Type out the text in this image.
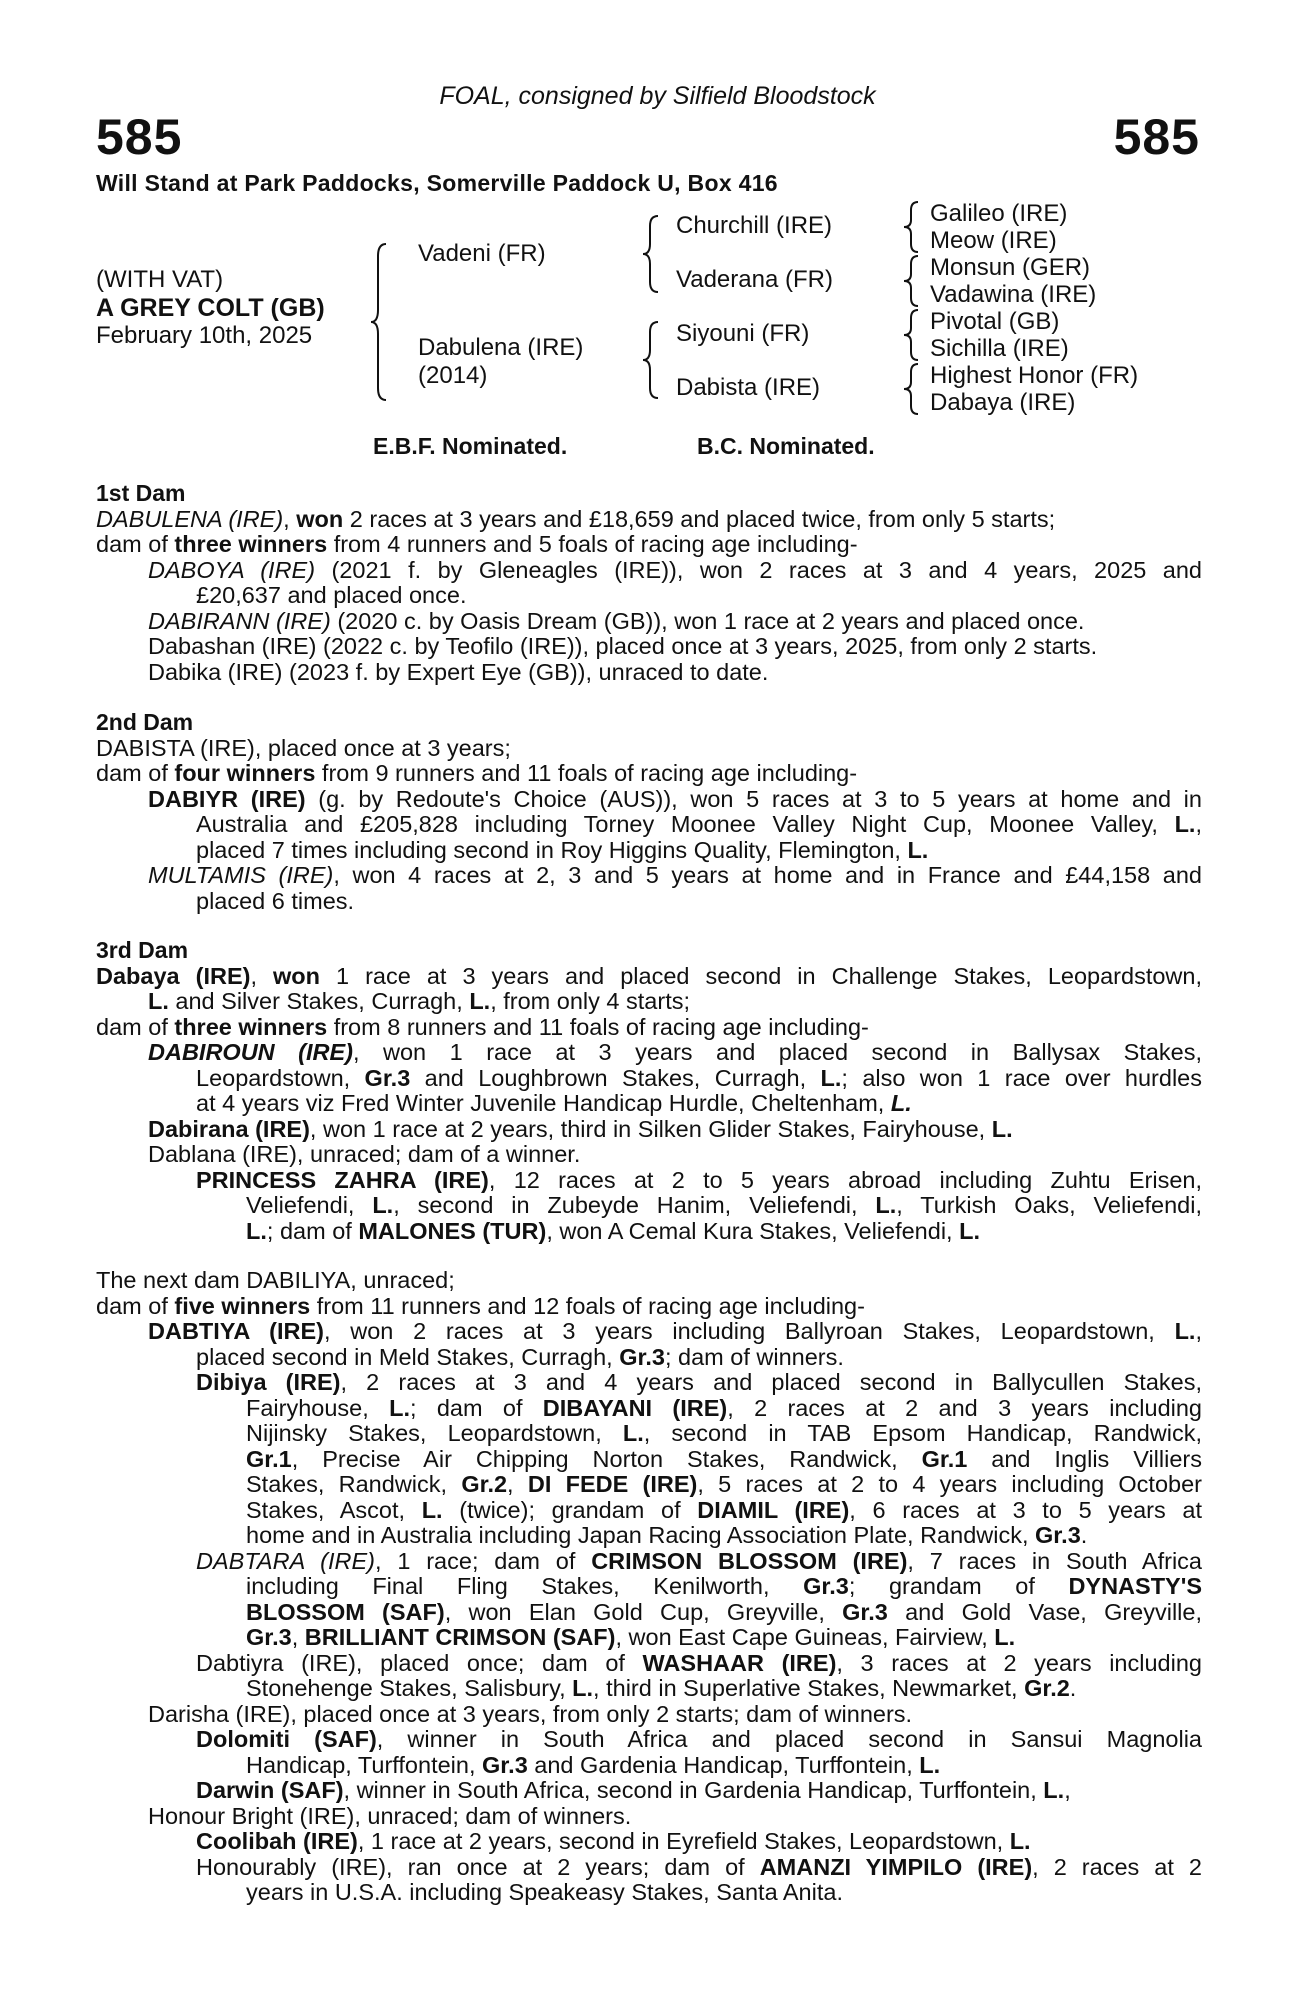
FOAL, consigned by Silfield Bloodstock
585	585
Will Stand at Park Paddocks, Somerville Paddock U, Box 416
(WITH VAT)
A GREY COLT (GB)
February 10th, 2025
Vadeni (FR)
Dabulena (IRE)
(2014)
Churchill (IRE)
Vaderana (FR)
Siyouni (FR)
Dabista (IRE)
Galileo (IRE)
Meow (IRE)
Monsun (GER)
Vadawina (IRE)
Pivotal (GB)
Sichilla (IRE)
Highest Honor (FR)
Dabaya (IRE)
E.B.F. Nominated.	B.C. Nominated.
1st Dam
DABULENA (IRE), won 2 races at 3 years and £18,659 and placed twice, from only 5 starts;
dam of three winners from 4 runners and 5 foals of racing age including-
DABOYA (IRE) (2021 f. by Gleneagles (IRE)), won 2 races at 3 and 4 years, 2025 and
£20,637 and placed once.
DABIRANN (IRE) (2020 c. by Oasis Dream (GB)), won 1 race at 2 years and placed once.
Dabashan (IRE) (2022 c. by Teofilo (IRE)), placed once at 3 years, 2025, from only 2 starts.
Dabika (IRE) (2023 f. by Expert Eye (GB)), unraced to date.
2nd Dam
DABISTA (IRE), placed once at 3 years;
dam of four winners from 9 runners and 11 foals of racing age including-
DABIYR (IRE) (g. by Redoute's Choice (AUS)), won 5 races at 3 to 5 years at home and in
Australia and £205,828 including Torney Moonee Valley Night Cup, Moonee Valley, L.,
placed 7 times including second in Roy Higgins Quality, Flemington, L.
MULTAMIS (IRE), won 4 races at 2, 3 and 5 years at home and in France and £44,158 and
placed 6 times.
3rd Dam
Dabaya (IRE), won 1 race at 3 years and placed second in Challenge Stakes, Leopardstown,
L. and Silver Stakes, Curragh, L., from only 4 starts;
dam of three winners from 8 runners and 11 foals of racing age including-
DABIROUN (IRE), won 1 race at 3 years and placed second in Ballysax Stakes,
Leopardstown, Gr.3 and Loughbrown Stakes, Curragh, L.; also won 1 race over hurdles
at 4 years viz Fred Winter Juvenile Handicap Hurdle, Cheltenham, L.
Dabirana (IRE), won 1 race at 2 years, third in Silken Glider Stakes, Fairyhouse, L.
Dablana (IRE), unraced; dam of a winner.
PRINCESS ZAHRA (IRE), 12 races at 2 to 5 years abroad including Zuhtu Erisen,
Veliefendi, L., second in Zubeyde Hanim, Veliefendi, L., Turkish Oaks, Veliefendi,
L.; dam of MALONES (TUR), won A Cemal Kura Stakes, Veliefendi, L.
The next dam DABILIYA, unraced;
dam of five winners from 11 runners and 12 foals of racing age including-
DABTIYA (IRE), won 2 races at 3 years including Ballyroan Stakes, Leopardstown, L.,
placed second in Meld Stakes, Curragh, Gr.3; dam of winners.
Dibiya (IRE), 2 races at 3 and 4 years and placed second in Ballycullen Stakes,
Fairyhouse, L.; dam of DIBAYANI (IRE), 2 races at 2 and 3 years including
Nijinsky Stakes, Leopardstown, L., second in TAB Epsom Handicap, Randwick,
Gr.1, Precise Air Chipping Norton Stakes, Randwick, Gr.1 and Inglis Villiers
Stakes, Randwick, Gr.2, DI FEDE (IRE), 5 races at 2 to 4 years including October
Stakes, Ascot, L. (twice); grandam of DIAMIL (IRE), 6 races at 3 to 5 years at
home and in Australia including Japan Racing Association Plate, Randwick, Gr.3.
DABTARA (IRE), 1 race; dam of CRIMSON BLOSSOM (IRE), 7 races in South Africa
including Final Fling Stakes, Kenilworth, Gr.3; grandam of DYNASTY'S
BLOSSOM (SAF), won Elan Gold Cup, Greyville, Gr.3 and Gold Vase, Greyville,
Gr.3, BRILLIANT CRIMSON (SAF), won East Cape Guineas, Fairview, L.
Dabtiyra (IRE), placed once; dam of WASHAAR (IRE), 3 races at 2 years including
Stonehenge Stakes, Salisbury, L., third in Superlative Stakes, Newmarket, Gr.2.
Darisha (IRE), placed once at 3 years, from only 2 starts; dam of winners.
Dolomiti (SAF), winner in South Africa and placed second in Sansui Magnolia
Handicap, Turffontein, Gr.3 and Gardenia Handicap, Turffontein, L.
Darwin (SAF), winner in South Africa, second in Gardenia Handicap, Turffontein, L.,
Honour Bright (IRE), unraced; dam of winners.
Coolibah (IRE), 1 race at 2 years, second in Eyrefield Stakes, Leopardstown, L.
Honourably (IRE), ran once at 2 years; dam of AMANZI YIMPILO (IRE), 2 races at 2
years in U.S.A. including Speakeasy Stakes, Santa Anita.
